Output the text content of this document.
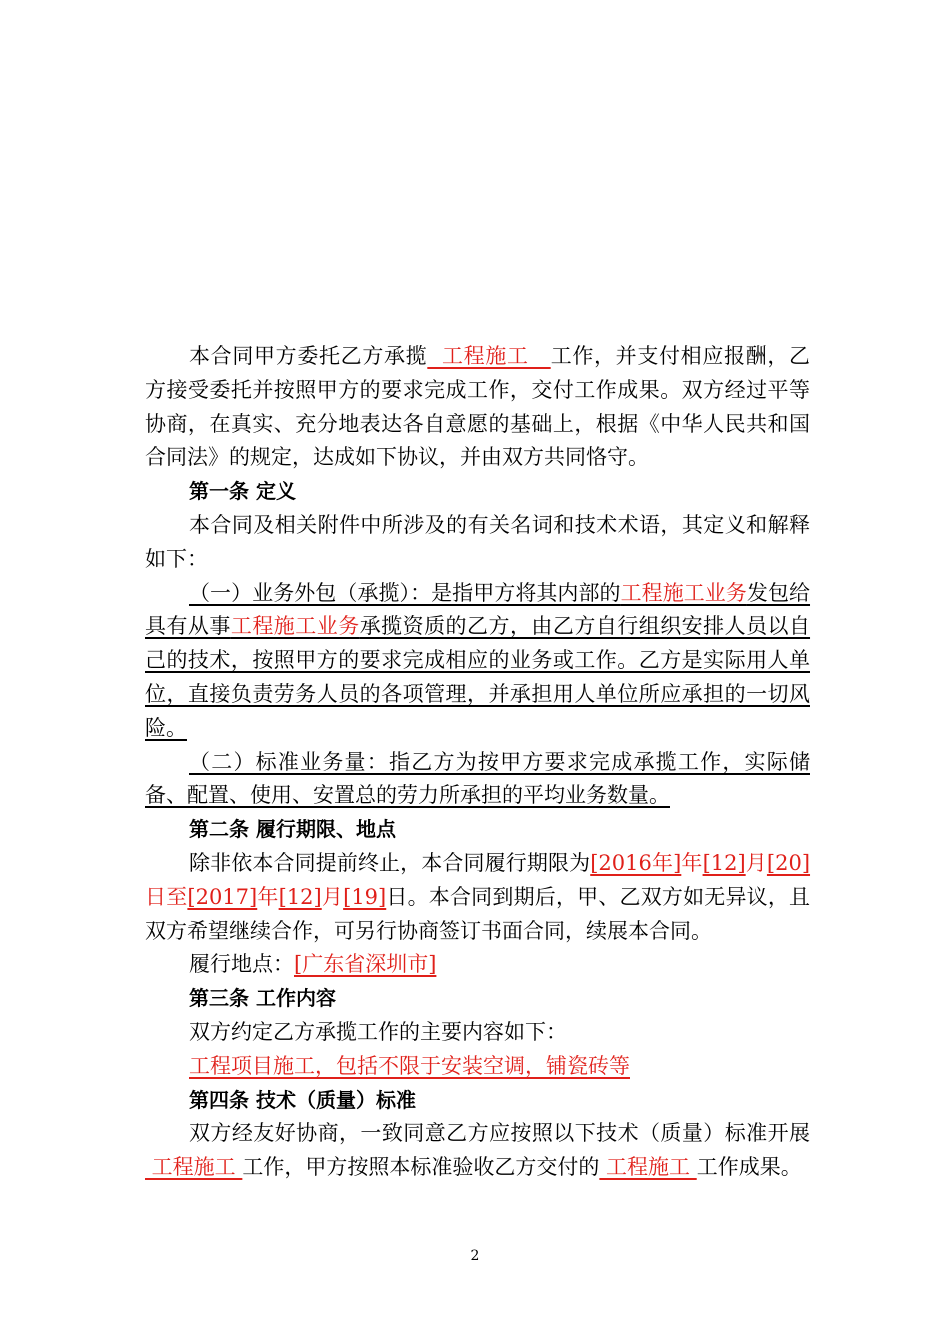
本合同甲方委托乙方承揽  工程施工   工作，并支付相应报酬，乙方接受委托并按照甲方的要求完成工作，交付工作成果。双方经过平等协商，在真实、充分地表达各自意愿的基础上，根据《中华人民共和国合同法》的规定，达成如下协议，并由双方共同恪守。

第一条 定义

本合同及相关附件中所涉及的有关名词和技术术语，其定义和解释如下：

（一）业务外包（承揽）：是指甲方将其内部的工程施工业务发包给具有从事工程施工业务承揽资质的乙方，由乙方自行组织安排人员以自己的技术，按照甲方的要求完成相应的业务或工作。乙方是实际用人单位，直接负责劳务人员的各项管理，并承担用人单位所应承担的一切风险。

（二）标准业务量：指乙方为按甲方要求完成承揽工作，实际储备、配置、使用、安置总的劳力所承担的平均业务数量。

第二条 履行期限、地点

除非依本合同提前终止，本合同履行期限为[2016年]年[12]月[20]日至[2017]年[12]月[19]日。本合同到期后，甲、乙双方如无异议，且双方希望继续合作，可另行协商签订书面合同，续展本合同。

履行地点：[广东省深圳市]

第三条 工作内容

双方约定乙方承揽工作的主要内容如下：

工程项目施工，包括不限于安装空调，铺瓷砖等

第四条 技术（质量）标准

双方经友好协商，一致同意乙方应按照以下技术（质量）标准开展 工程施工 工作，甲方按照本标准验收乙方交付的 工程施工 工作成果。

2
